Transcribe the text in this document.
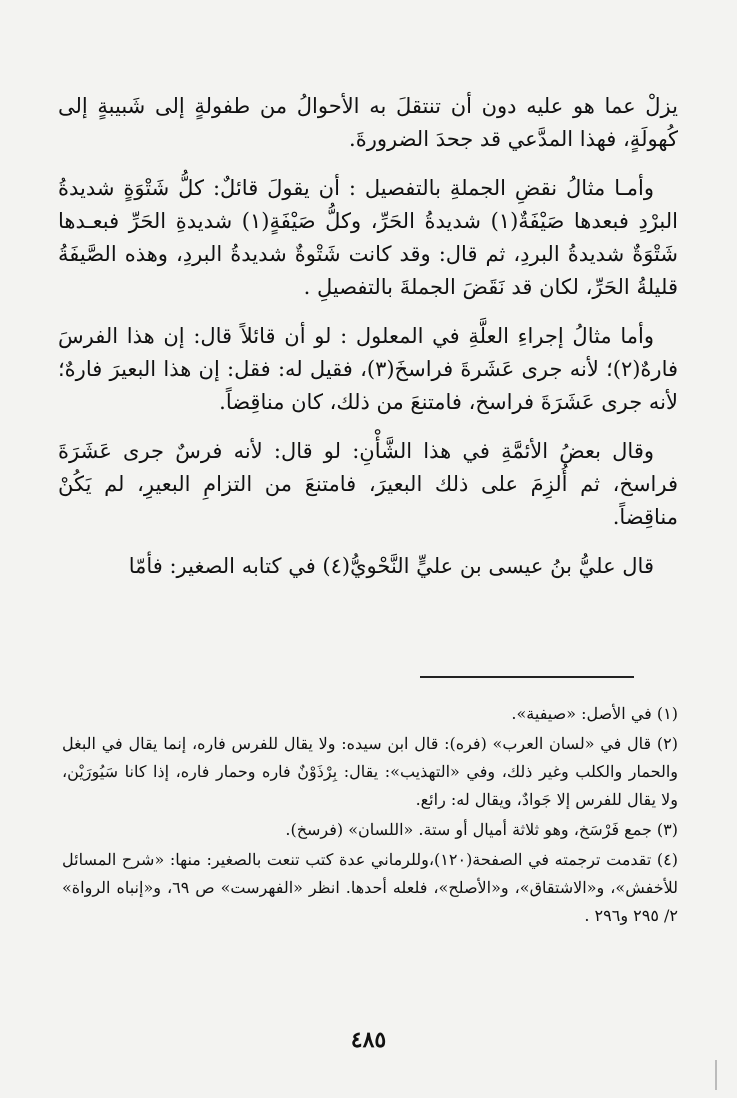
يزلْ عما هو عليه دون أن تنتقلَ به الأحوالُ من طفولةٍ إلى شَبيبةٍ إلى كُهولَةٍ، فهذا المدَّعي قد جحدَ الضرورةَ.

وأمـا مثالُ نقضِ الجملةِ بالتفصيل : أن يقولَ قائلٌ: كلُّ شَتْوَةٍ شديدةُ البرْدِ فبعدها صَيْفَةٌ(١) شديدةُ الحَرِّ، وكلُّ صَيْفَةٍ(١) شديدةِ الحَرِّ فبعـدها شَتْوَةٌ شديدةُ البردِ، ثم قال: وقد كانت شَتْوةٌ شديدةُ البردِ، وهذه الصَّيفَةُ قليلةُ الحَرِّ، لكان قد نَقَضَ الجملةَ بالتفصيلِ .

وأما مثالُ إجراءِ العلَّةِ في المعلول : لو أن قائلاً قال: إن هذا الفرسَ فارهٌ(٢)؛ لأنه جرى عَشَرةَ فراسخَ(٣)، فقيل له: فقل: إن هذا البعيرَ فارهٌ؛ لأنه جرى عَشَرَةَ فراسخ، فامتنعَ من ذلك، كان مناقِضاً.

وقال بعضُ الأئمَّةِ في هذا الشَّأْنِ: لو قال: لأنه فرسٌ جرى عَشَرَةَ فراسخ، ثم أُلزِمَ على ذلك البعيرَ، فامتنعَ من التزامِ البعيرِ، لم يَكُنْ مناقِضاً.

قال عليُّ بنُ عيسى بن عليٍّ النَّحْويُّ(٤) في كتابه الصغير: فأمّا

(١) في الأصل: «صيفية».

(٢) قال في «لسان العرب» (فره): قال ابن سيده: ولا يقال للفرس فاره، إنما يقال في البغل والحمار والكلب وغير ذلك، وفي «التهذيب»: يقال: بِرْذَوْنٌ فاره وحمار فاره، إذا كانا سَيُورَيْن، ولا يقال للفرس إلا جَوادٌ، ويقال له: رائع.

(٣) جمع فَرْسَخ، وهو ثلاثة أميال أو ستة. «اللسان» (فرسخ).

(٤) تقدمت ترجمته في الصفحة(١٢٠)،وللرماني عدة كتب تنعت بالصغير: منها: «شرح المسائل للأخفش»، و«الاشتقاق»، و«الأصلح»، فلعله أحدها. انظر «الفهرست» ص ٦٩، و«إنباه الرواة» ٢/ ٢٩٥ و٢٩٦ .

٤٨٥
